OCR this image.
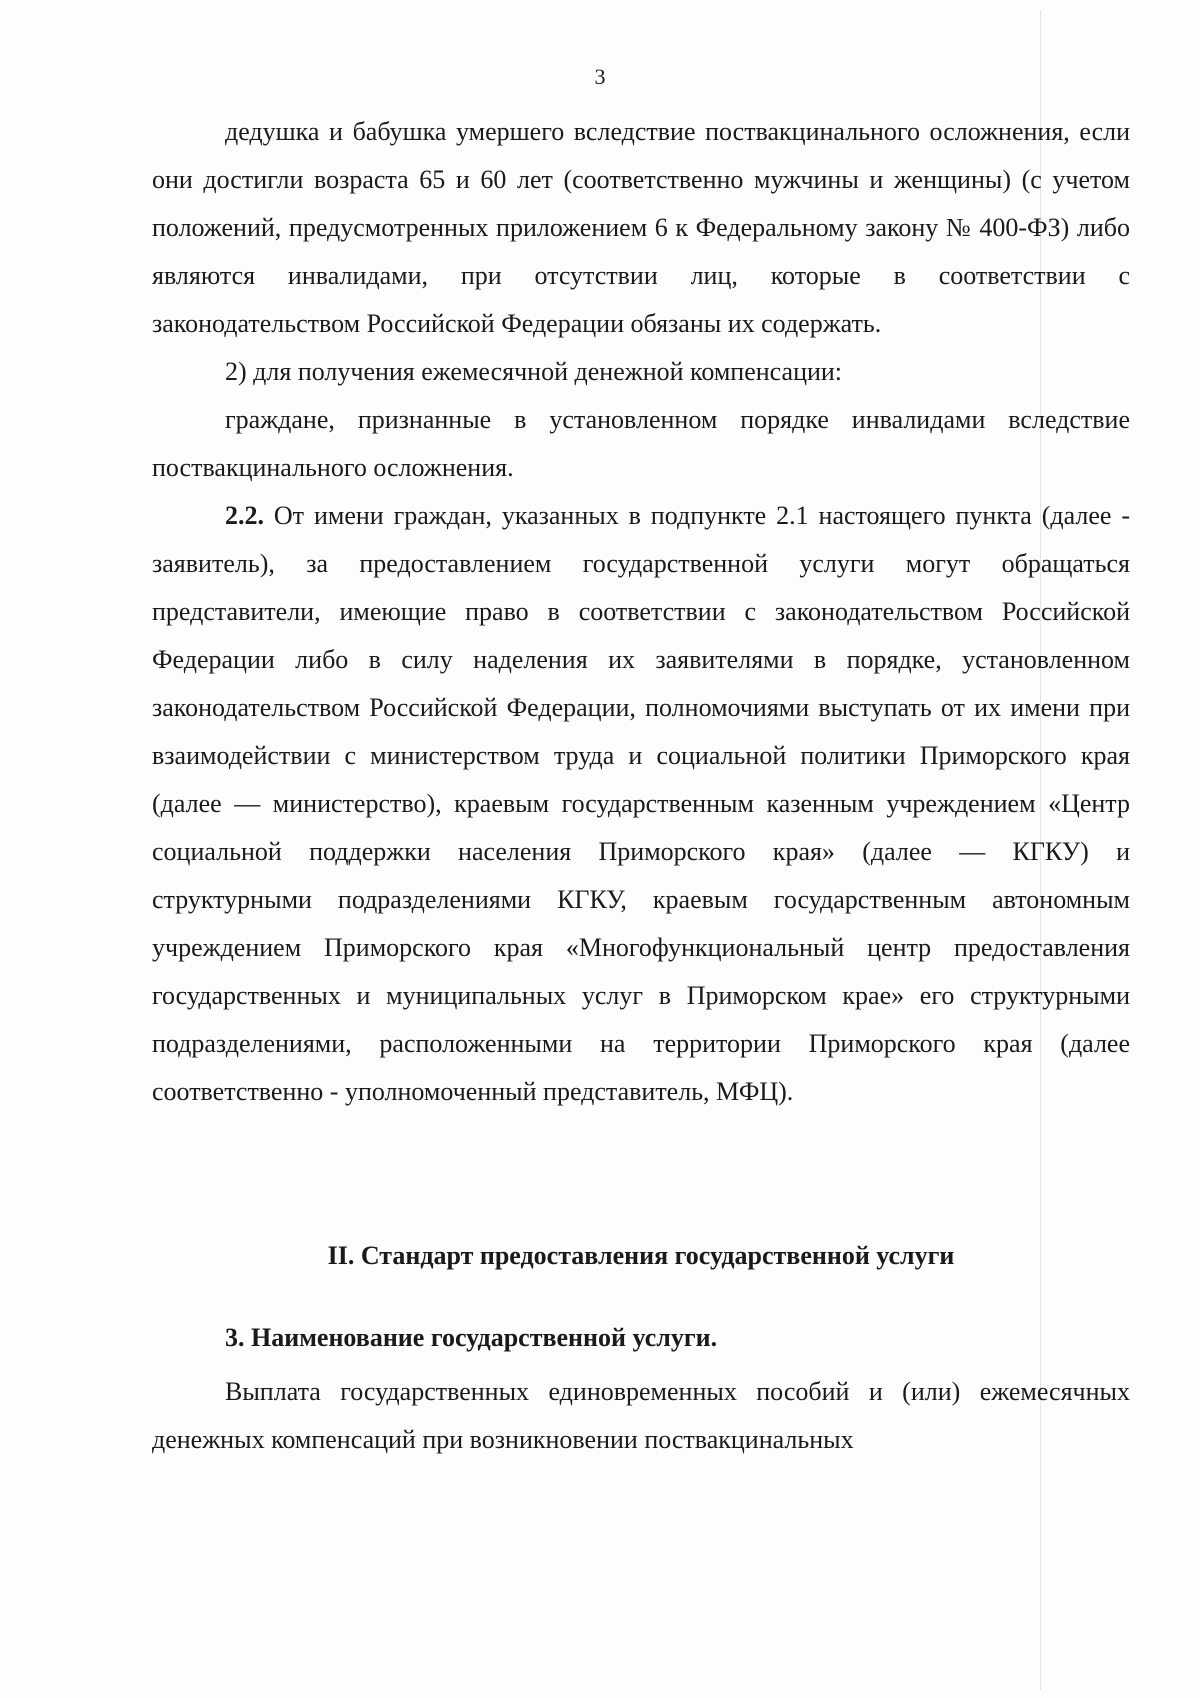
3

дедушка и бабушка умершего вследствие поствакцинального осложнения, если они достигли возраста 65 и 60 лет (соответственно мужчины и женщины) (с учетом положений, предусмотренных приложением 6 к Федеральному закону № 400-ФЗ) либо являются инвалидами, при отсутствии лиц, которые в соответствии с законодательством Российской Федерации обязаны их содержать.

2) для получения ежемесячной денежной компенсации:

граждане, признанные в установленном порядке инвалидами вследствие поствакцинального осложнения.

2.2. От имени граждан, указанных в подпункте 2.1 настоящего пункта (далее - заявитель), за предоставлением государственной услуги могут обращаться представители, имеющие право в соответствии с законодательством Российской Федерации либо в силу наделения их заявителями в порядке, установленном законодательством Российской Федерации, полномочиями выступать от их имени при взаимодействии с министерством труда и социальной политики Приморского края (далее — министерство), краевым государственным казенным учреждением «Центр социальной поддержки населения Приморского края» (далее — КГКУ) и структурными подразделениями КГКУ, краевым государственным автономным учреждением Приморского края «Многофункциональный центр предоставления государственных и муниципальных услуг в Приморском крае» его структурными подразделениями, расположенными на территории Приморского края (далее соответственно - уполномоченный представитель, МФЦ).

II. Стандарт предоставления государственной услуги
3. Наименование государственной услуги.

Выплата государственных единовременных пособий и (или) ежемесячных денежных компенсаций при возникновении поствакцинальных
